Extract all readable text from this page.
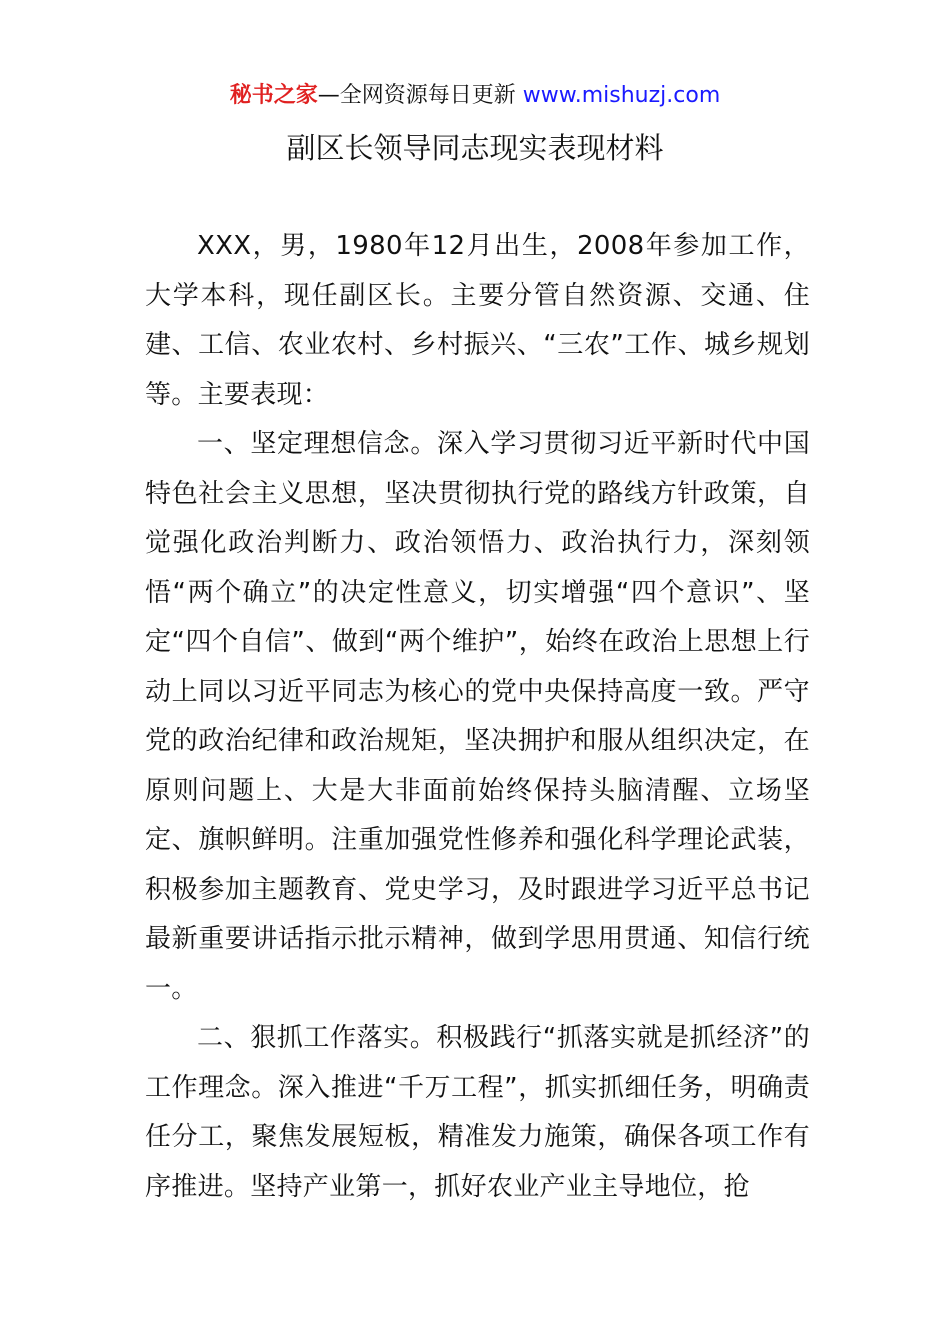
秘书之家—全网资源每日更新 www.mishuzj.com
副区长领导同志现实表现材料

XXX，男，1980年12月出生，2008年参加工作，大学本科，现任副区长。主要分管自然资源、交通、住建、工信、农业农村、乡村振兴、“三农”工作、城乡规划等。主要表现：

一、坚定理想信念。深入学习贯彻习近平新时代中国特色社会主义思想，坚决贯彻执行党的路线方针政策，自觉强化政治判断力、政治领悟力、政治执行力，深刻领悟“两个确立”的决定性意义，切实增强“四个意识”、坚定“四个自信”、做到“两个维护”，始终在政治上思想上行动上同以习近平同志为核心的党中央保持高度一致。严守党的政治纪律和政治规矩，坚决拥护和服从组织决定，在原则问题上、大是大非面前始终保持头脑清醒、立场坚定、旗帜鲜明。注重加强党性修养和强化科学理论武装，积极参加主题教育、党史学习，及时跟进学习近平总书记最新重要讲话指示批示精神，做到学思用贯通、知信行统一。

二、狠抓工作落实。积极践行“抓落实就是抓经济”的工作理念。深入推进“千万工程”，抓实抓细任务，明确责任分工，聚焦发展短板，精准发力施策，确保各项工作有序推进。坚持产业第一，抓好农业产业主导地位，抢
